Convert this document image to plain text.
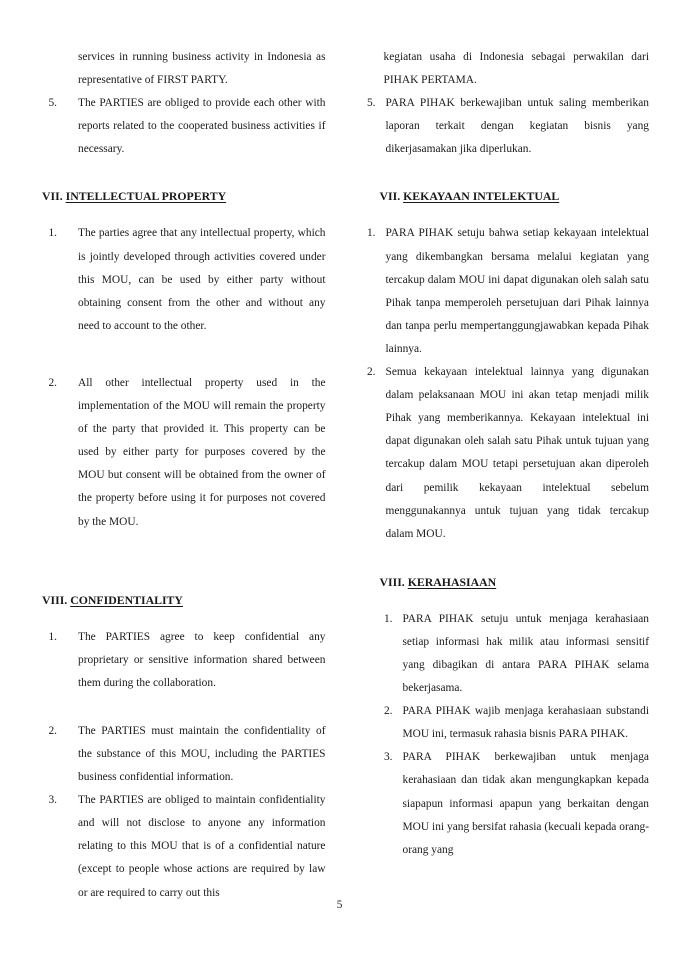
services in running business activity in Indonesia as representative of FIRST PARTY.

5. The PARTIES are obliged to provide each other with reports related to the cooperated business activities if necessary.
VII. INTELLECTUAL PROPERTY
1. The parties agree that any intellectual property, which is jointly developed through activities covered under this MOU, can be used by either party without obtaining consent from the other and without any need to account to the other.
2. All other intellectual property used in the implementation of the MOU will remain the property of the party that provided it. This property can be used by either party for purposes covered by the MOU but consent will be obtained from the owner of the property before using it for purposes not covered by the MOU.
VIII. CONFIDENTIALITY
1. The PARTIES agree to keep confidential any proprietary or sensitive information shared between them during the collaboration.
2. The PARTIES must maintain the confidentiality of the substance of this MOU, including the PARTIES business confidential information.
3. The PARTIES are obliged to maintain confidentiality and will not disclose to anyone any information relating to this MOU that is of a confidential nature (except to people whose actions are required by law or are required to carry out this

kegiatan usaha di Indonesia sebagai perwakilan dari PIHAK PERTAMA.

5. PARA PIHAK berkewajiban untuk saling memberikan laporan terkait dengan kegiatan bisnis yang dikerjasamakan jika diperlukan.
VII. KEKAYAAN INTELEKTUAL
1. PARA PIHAK setuju bahwa setiap kekayaan intelektual yang dikembangkan bersama melalui kegiatan yang tercakup dalam MOU ini dapat digunakan oleh salah satu Pihak tanpa memperoleh persetujuan dari Pihak lainnya dan tanpa perlu mempertanggungjawabkan kepada Pihak lainnya.
2. Semua kekayaan intelektual lainnya yang digunakan dalam pelaksanaan MOU ini akan tetap menjadi milik Pihak yang memberikannya. Kekayaan intelektual ini dapat digunakan oleh salah satu Pihak untuk tujuan yang tercakup dalam MOU tetapi persetujuan akan diperoleh dari pemilik kekayaan intelektual sebelum menggunakannya untuk tujuan yang tidak tercakup dalam MOU.
VIII. KERAHASIAAN
1. PARA PIHAK setuju untuk menjaga kerahasiaan setiap informasi hak milik atau informasi sensitif yang dibagikan di antara PARA PIHAK selama bekerjasama.
2. PARA PIHAK wajib menjaga kerahasiaan substandi MOU ini, termasuk rahasia bisnis PARA PIHAK.
3. PARA PIHAK berkewajiban untuk menjaga kerahasiaan dan tidak akan mengungkapkan kepada siapapun informasi apapun yang berkaitan dengan MOU ini yang bersifat rahasia (kecuali kepada orang-orang yang
5
